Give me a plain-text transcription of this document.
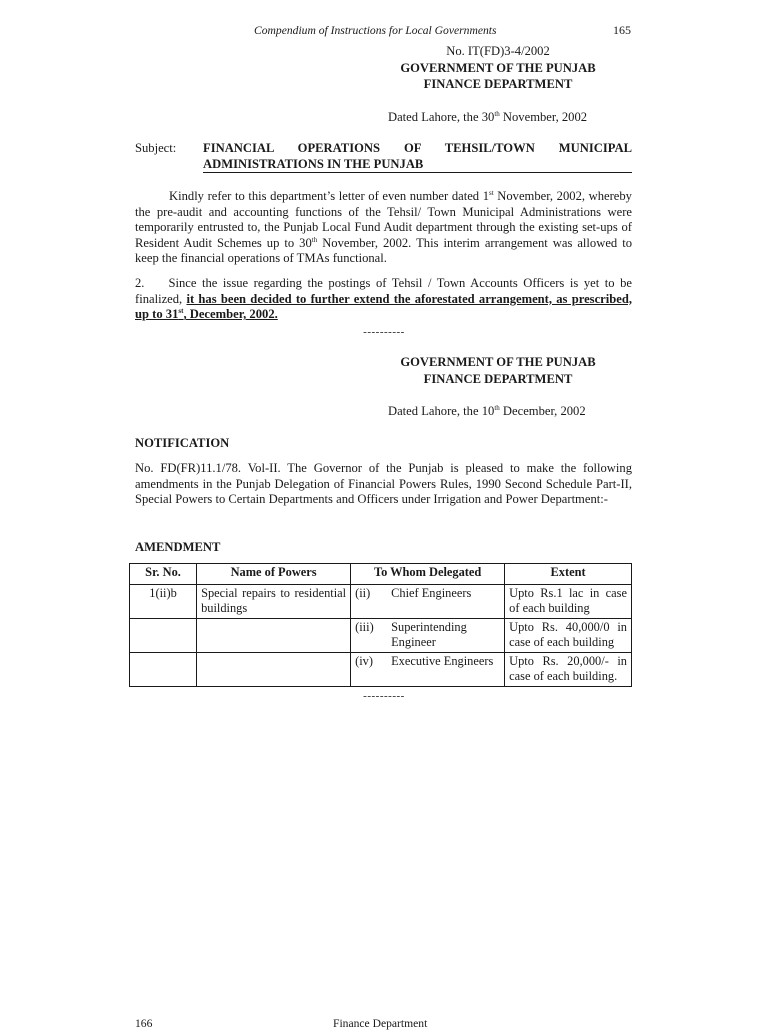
Compendium of Instructions for Local Governments	165
No. IT(FD)3-4/2002
GOVERNMENT OF THE PUNJAB
FINANCE DEPARTMENT
Dated Lahore, the 30th November, 2002
Subject: FINANCIAL OPERATIONS OF TEHSIL/TOWN MUNICIPAL
ADMINISTRATIONS IN THE PUNJAB
Kindly refer to this department’s letter of even number dated 1st November, 2002, whereby the pre-audit and accounting functions of the Tehsil/ Town Municipal Administrations were temporarily entrusted to, the Punjab Local Fund Audit department through the existing set-ups of Resident Audit Schemes up to 30th November, 2002. This interim arrangement was allowed to keep the financial operations of TMAs functional.
2. Since the issue regarding the postings of Tehsil / Town Accounts Officers is yet to be finalized, it has been decided to further extend the aforestated arrangement, as prescribed, up to 31st, December, 2002.
----------
GOVERNMENT OF THE PUNJAB
FINANCE DEPARTMENT
Dated Lahore, the 10th December, 2002
NOTIFICATION
No. FD(FR)11.1/78. Vol-II. The Governor of the Punjab is pleased to make the following amendments in the Punjab Delegation of Financial Powers Rules, 1990 Second Schedule Part-II, Special Powers to Certain Departments and Officers under Irrigation and Power Department:-
AMENDMENT
Sr. No.	Name of Powers	To Whom Delegated	Extent
1(ii)b	Special repairs to residential buildings	(ii) Chief Engineers	Upto Rs.1 lac in case of each building

		(iii) Superintending Engineer	Upto Rs. 40,000/0 in case of each building

		(iv) Executive Engineers	Upto Rs. 20,000/- in case of each building.
----------
166	Finance Department
